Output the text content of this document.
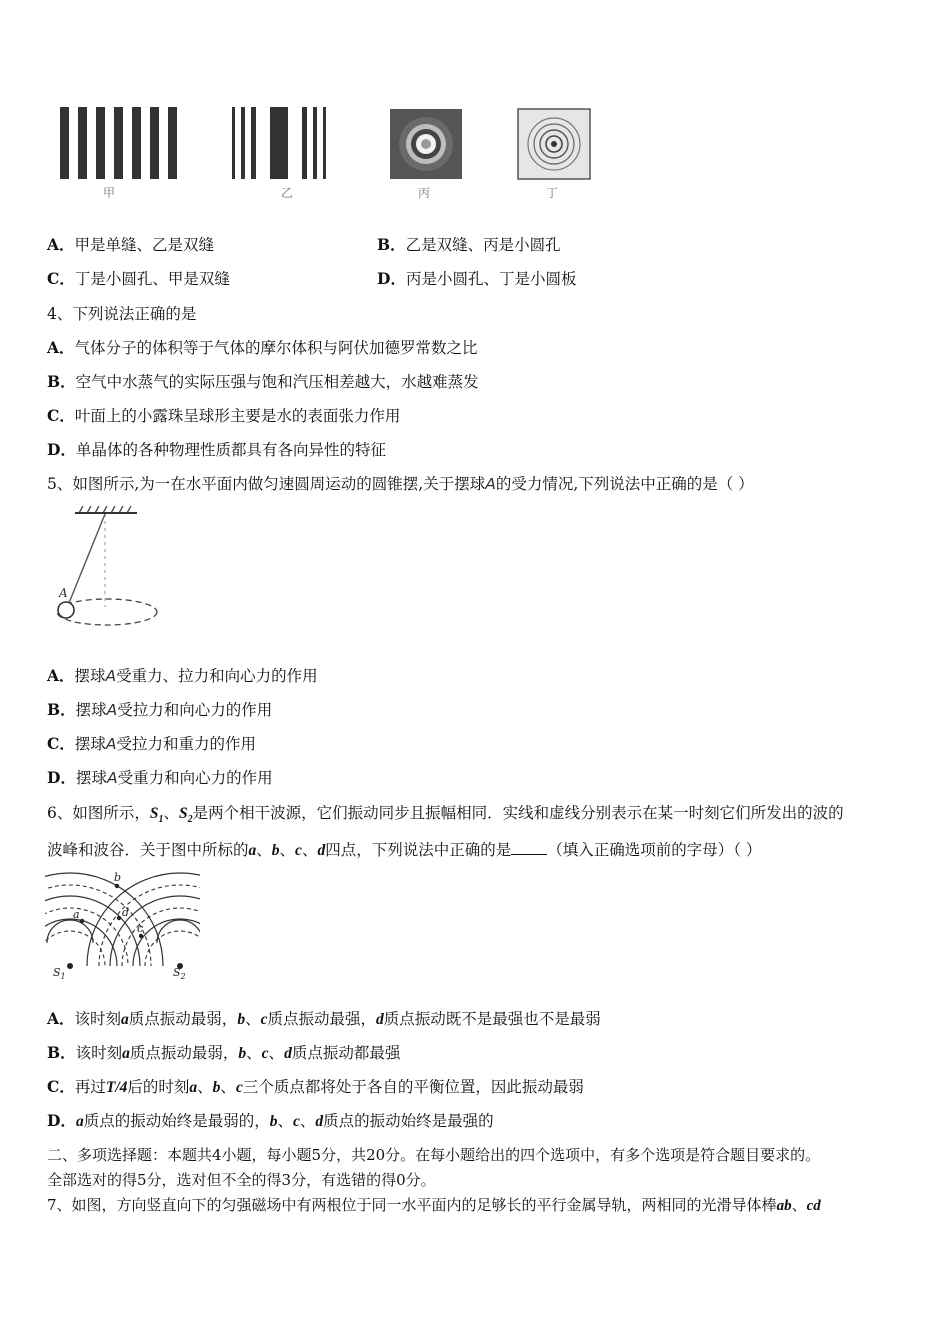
甲	乙	丙	丁
A．甲是单缝、乙是双缝	B．乙是双缝、丙是小圆孔
C．丁是小圆孔、甲是双缝	D．丙是小圆孔、丁是小圆板
4、下列说法正确的是
A．气体分子的体积等于气体的摩尔体积与阿伏加德罗常数之比
B．空气中水蒸气的实际压强与饱和汽压相差越大，水越难蒸发
C．叶面上的小露珠呈球形主要是水的表面张力作用
D．单晶体的各种物理性质都具有各向异性的特征
5、如图所示,为一在水平面内做匀速圆周运动的圆锥摆,关于摆球A的受力情况,下列说法中正确的是（ ）
A
A．摆球A受重力、拉力和向心力的作用
B．摆球A受拉力和向心力的作用
C．摆球A受拉力和重力的作用
D．摆球A受重力和向心力的作用
6、如图所示，$S_1$、$S_2$是两个相干波源，它们振动同步且振幅相同．实线和虚线分别表示在某一时刻它们所发出的波的
波峰和波谷．关于图中所标的a、b、c、d四点，下列说法中正确的是 （填入正确选项前的字母）（ ）
a
b
c
d
$S_1$	$S_2$
A．该时刻a质点振动最弱，b、c质点振动最强，d质点振动既不是最强也不是最弱
B．该时刻a质点振动最弱，b、c、d质点振动都最强
C．再过T/4后的时刻a、b、c三个质点都将处于各自的平衡位置，因此振动最弱
D．a质点的振动始终是最弱的，b、c、d质点的振动始终是最强的
二、多项选择题：本题共4小题，每小题5分，共20分。在每小题给出的四个选项中，有多个选项是符合题目要求的。
全部选对的得5分，选对但不全的得3分，有选错的得0分。
7、如图，方向竖直向下的匀强磁场中有两根位于同一水平面内的足够长的平行金属导轨，两相同的光滑导体棒ab、cd
